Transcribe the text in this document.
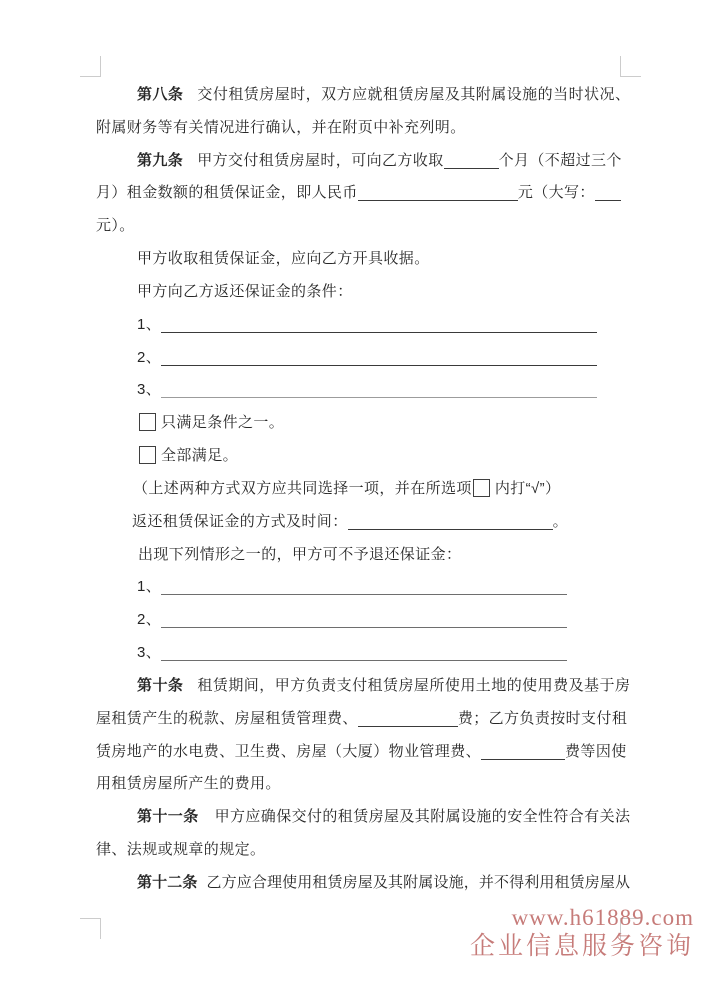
第八条 交付租赁房屋时，双方应就租赁房屋及其附属设施的当时状况、
附属财务等有关情况进行确认，并在附页中补充列明。
第九条 甲方交付租赁房屋时，可向乙方收取	个月（不超过三个
月）租金数额的租赁保证金，即人民币	元（大写：
元）。
甲方收取租赁保证金，应向乙方开具收据。
甲方向乙方返还保证金的条件：
1、
2、
3、
只满足条件之一。
全部满足。
（上述两种方式双方应共同选择一项，并在所选项 内打“√”）
返还租赁保证金的方式及时间：	。
出现下列情形之一的，甲方可不予退还保证金：
1、
2、
3、
第十条 租赁期间，甲方负责支付租赁房屋所使用土地的使用费及基于房
屋租赁产生的税款、房屋租赁管理费、	费；乙方负责按时支付租
赁房地产的水电费、卫生费、房屋（大厦）物业管理费、	费等因使
用租赁房屋所产生的费用。
第十一条 甲方应确保交付的租赁房屋及其附属设施的安全性符合有关法
律、法规或规章的规定。
第十二条 乙方应合理使用租赁房屋及其附属设施，并不得利用租赁房屋从
www.h61889.com
企业信息服务咨询
